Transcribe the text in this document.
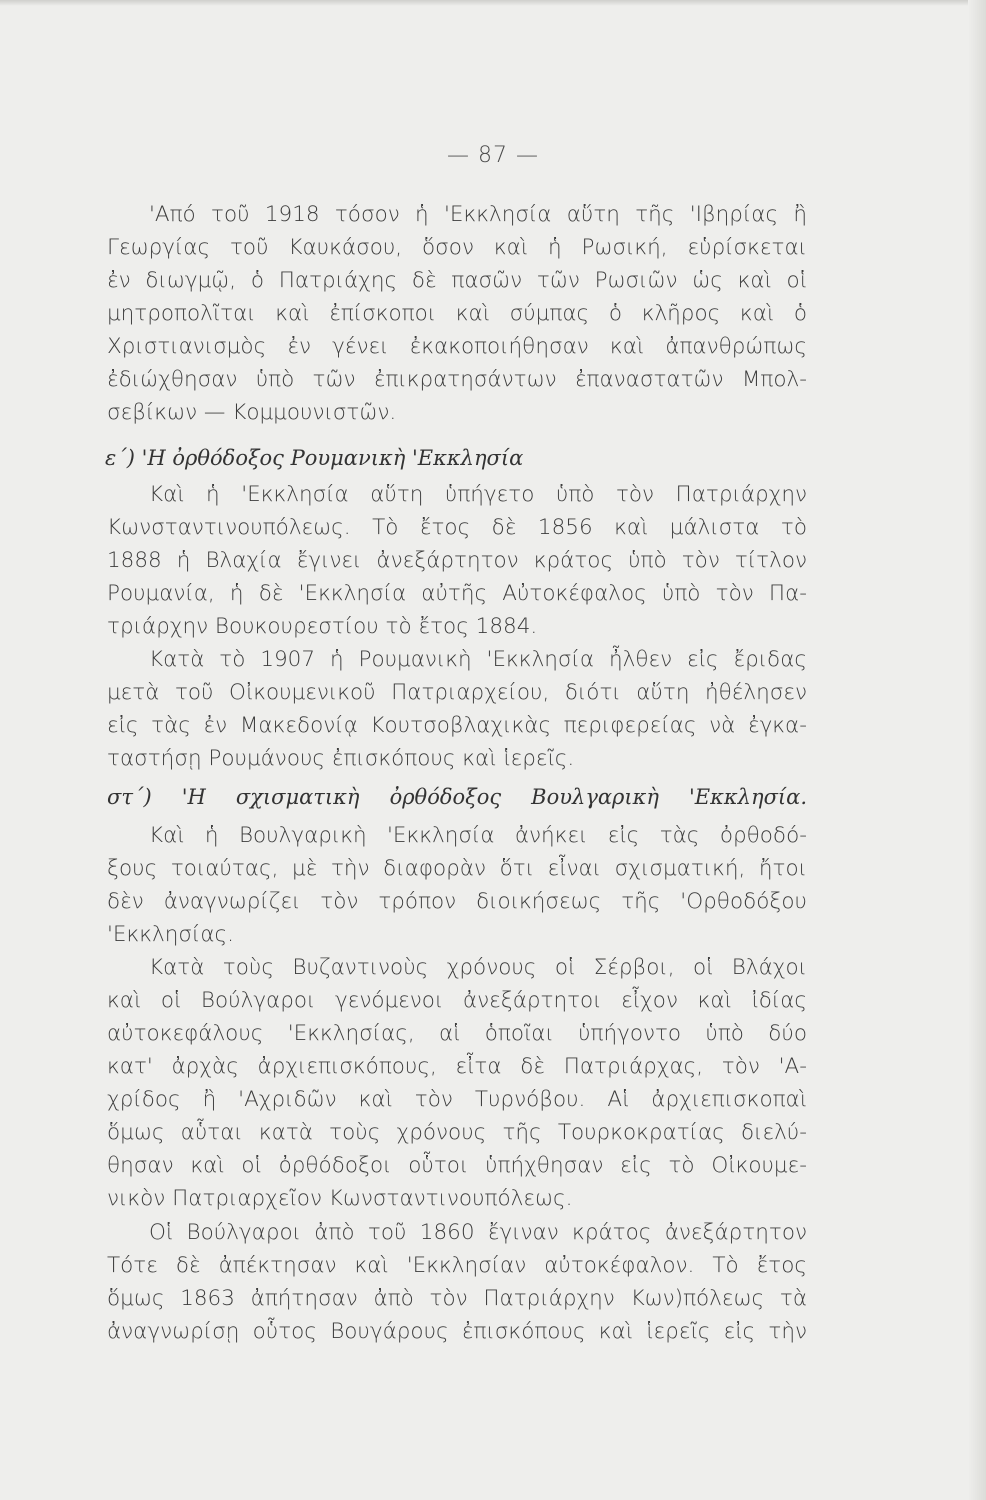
— 87 —
'Από τοῦ 1918 τόσον ἡ 'Εκκλησία αὕτη τῆς 'Ιβηρίας ἢ
Γεωργίας τοῦ Καυκάσου, ὅσον καὶ ἡ Ρωσική, εὑρίσκεται
ἐν διωγμῷ, ὁ Πατριάχης δὲ πασῶν τῶν Ρωσιῶν ὡς καὶ οἱ
μητροπολῖται καὶ ἐπίσκοποι καὶ σύμπας ὁ κλῆρος καὶ ὁ
Χριστιανισμὸς ἐν γένει ἐκακοποιήθησαν καὶ ἀπανθρώπως
ἐδιώχθησαν ὑπὸ τῶν ἐπικρατησάντων ἐπαναστατῶν Μπολ-
σεβίκων — Κομμουνιστῶν.
ε΄) 'Η ὀρθόδοξος Ρουμανικὴ 'Εκκλησία
Καὶ ἡ 'Εκκλησία αὕτη ὑπήγετο ὑπὸ τὸν Πατριάρχην
Κωνσταντινουπόλεως. Τὸ ἔτος δὲ 1856 καὶ μάλιστα τὸ
1888 ἡ Βλαχία ἔγινει ἀνεξάρτητον κράτος ὑπὸ τὸν τίτλον
Ρουμανία, ἡ δὲ 'Εκκλησία αὐτῆς Αὐτοκέφαλος ὑπὸ τὸν Πα-
τριάρχην Βουκουρεστίου τὸ ἔτος 1884.
Κατὰ τὸ 1907 ἡ Ρουμανικὴ 'Εκκλησία ἦλθεν εἰς ἔριδας
μετὰ τοῦ Οἰκουμενικοῦ Πατριαρχείου, διότι αὕτη ἠθέλησεν
εἰς τὰς ἐν Μακεδονίᾳ Κουτσοβλαχικὰς περιφερείας νὰ ἐγκα-
ταστήσῃ Ρουμάνους ἐπισκόπους καὶ ἱερεῖς.
στ΄) 'Η σχισματικὴ ὀρθόδοξος Βουλγαρικὴ 'Εκκλησία.
Καὶ ἡ Βουλγαρικὴ 'Εκκλησία ἀνήκει εἰς τὰς ὀρθοδό-
ξους τοιαύτας, μὲ τὴν διαφορὰν ὅτι εἶναι σχισματική, ἤτοι
δὲν ἀναγνωρίζει τὸν τρόπον διοικήσεως τῆς 'Ορθοδόξου
'Εκκλησίας.
Κατὰ τοὺς Βυζαντινοὺς χρόνους οἱ Σέρβοι, οἱ Βλάχοι
καὶ οἱ Βούλγαροι γενόμενοι ἀνεξάρτητοι εἶχον καὶ ἰδίας
αὐτοκεφάλους 'Εκκλησίας, αἱ ὁποῖαι ὑπήγοντο ὑπὸ δύο
κατ' ἀρχὰς ἀρχιεπισκόπους, εἶτα δὲ Πατριάρχας, τὸν 'Α-
χρίδος ἢ 'Αχριδῶν καὶ τὸν Τυρνόβου. Αἱ ἀρχιεπισκοπαὶ
ὅμως αὗται κατὰ τοὺς χρόνους τῆς Τουρκοκρατίας διελύ-
θησαν καὶ οἱ ὀρθόδοξοι οὗτοι ὑπήχθησαν εἰς τὸ Οἰκουμε-
νικὸν Πατριαρχεῖον Κωνσταντινουπόλεως.
Οἱ Βούλγαροι ἀπὸ τοῦ 1860 ἔγιναν κράτος ἀνεξάρτητον
Τότε δὲ ἀπέκτησαν καὶ 'Εκκλησίαν αὐτοκέφαλον. Τὸ ἔτος
ὅμως 1863 ἀπήτησαν ἀπὸ τὸν Πατριάρχην Κων)πόλεως τὰ
ἀναγνωρίσῃ οὗτος Βουγάρους ἐπισκόπους καὶ ἱερεῖς εἰς τὴν
